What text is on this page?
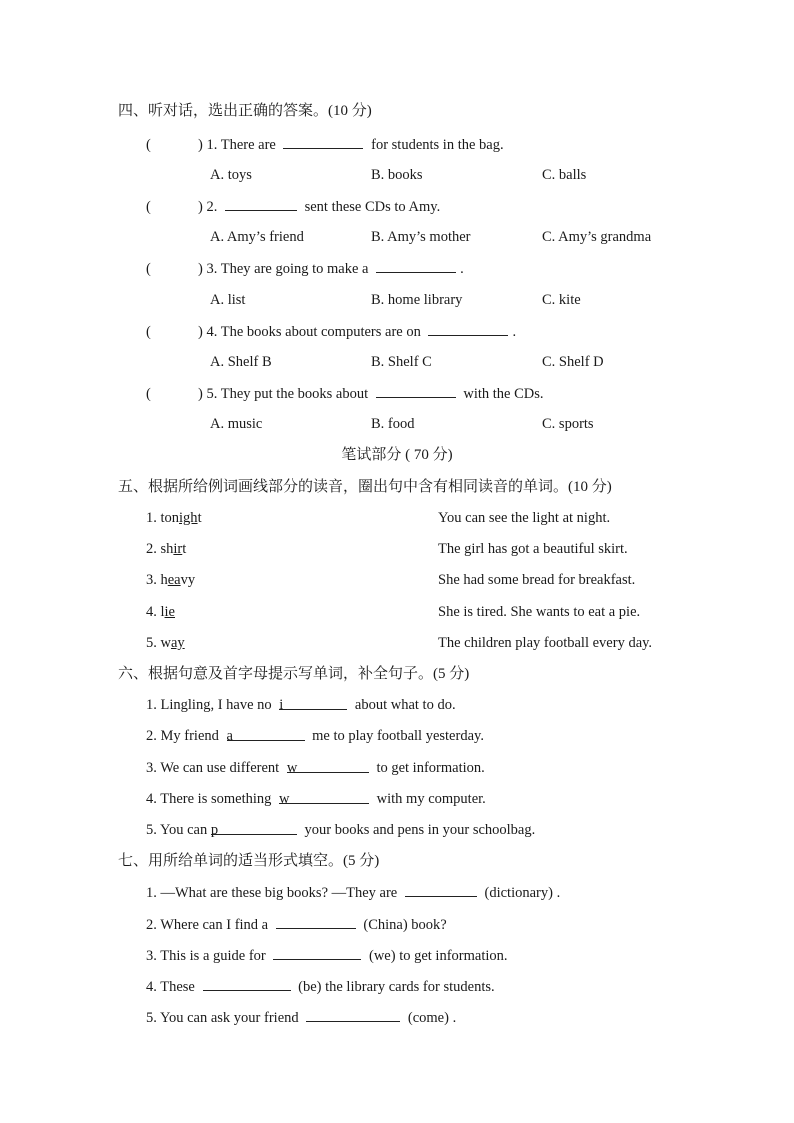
四、听对话，选出正确的答案。(10 分)
(	) 1. There are	for students in the bag.
A. toys	B. books	C. balls
(	) 2.	sent these CDs to Amy.
A. Amy’s friend	B. Amy’s mother	C. Amy’s grandma
(	) 3. They are going to make a	.
A. list	B. home library	C. kite
(	) 4. The books about computers are on	.
A. Shelf B	B. Shelf C	C. Shelf D
(	) 5. They put the books about	with the CDs.
A. music	B. food	C. sports
笔试部分 ( 70 分)
五、根据所给例词画线部分的读音，圈出句中含有相同读音的单词。(10 分)
1. tonight	You can see the light at night.
2. shirt	The girl has got a beautiful skirt.
3. heavy	She had some bread for breakfast.
4. lie	She is tired. She wants to eat a pie.
5. way	The children play football every day.
六、根据句意及首字母提示写单词，补全句子。(5 分)
1. Lingling, I have no i	about what to do.
2. My friend a	me to play football yesterday.
3. We can use different w	to get information.
4. There is something w	with my computer.
5. You can p	your books and pens in your schoolbag.
七、用所给单词的适当形式填空。(5 分)
1. —What are these big books? —They are	(dictionary) .
2. Where can I find a	(China) book?
3. This is a guide for	(we) to get information.
4. These	(be) the library cards for students.
5. You can ask your friend	(come) .
